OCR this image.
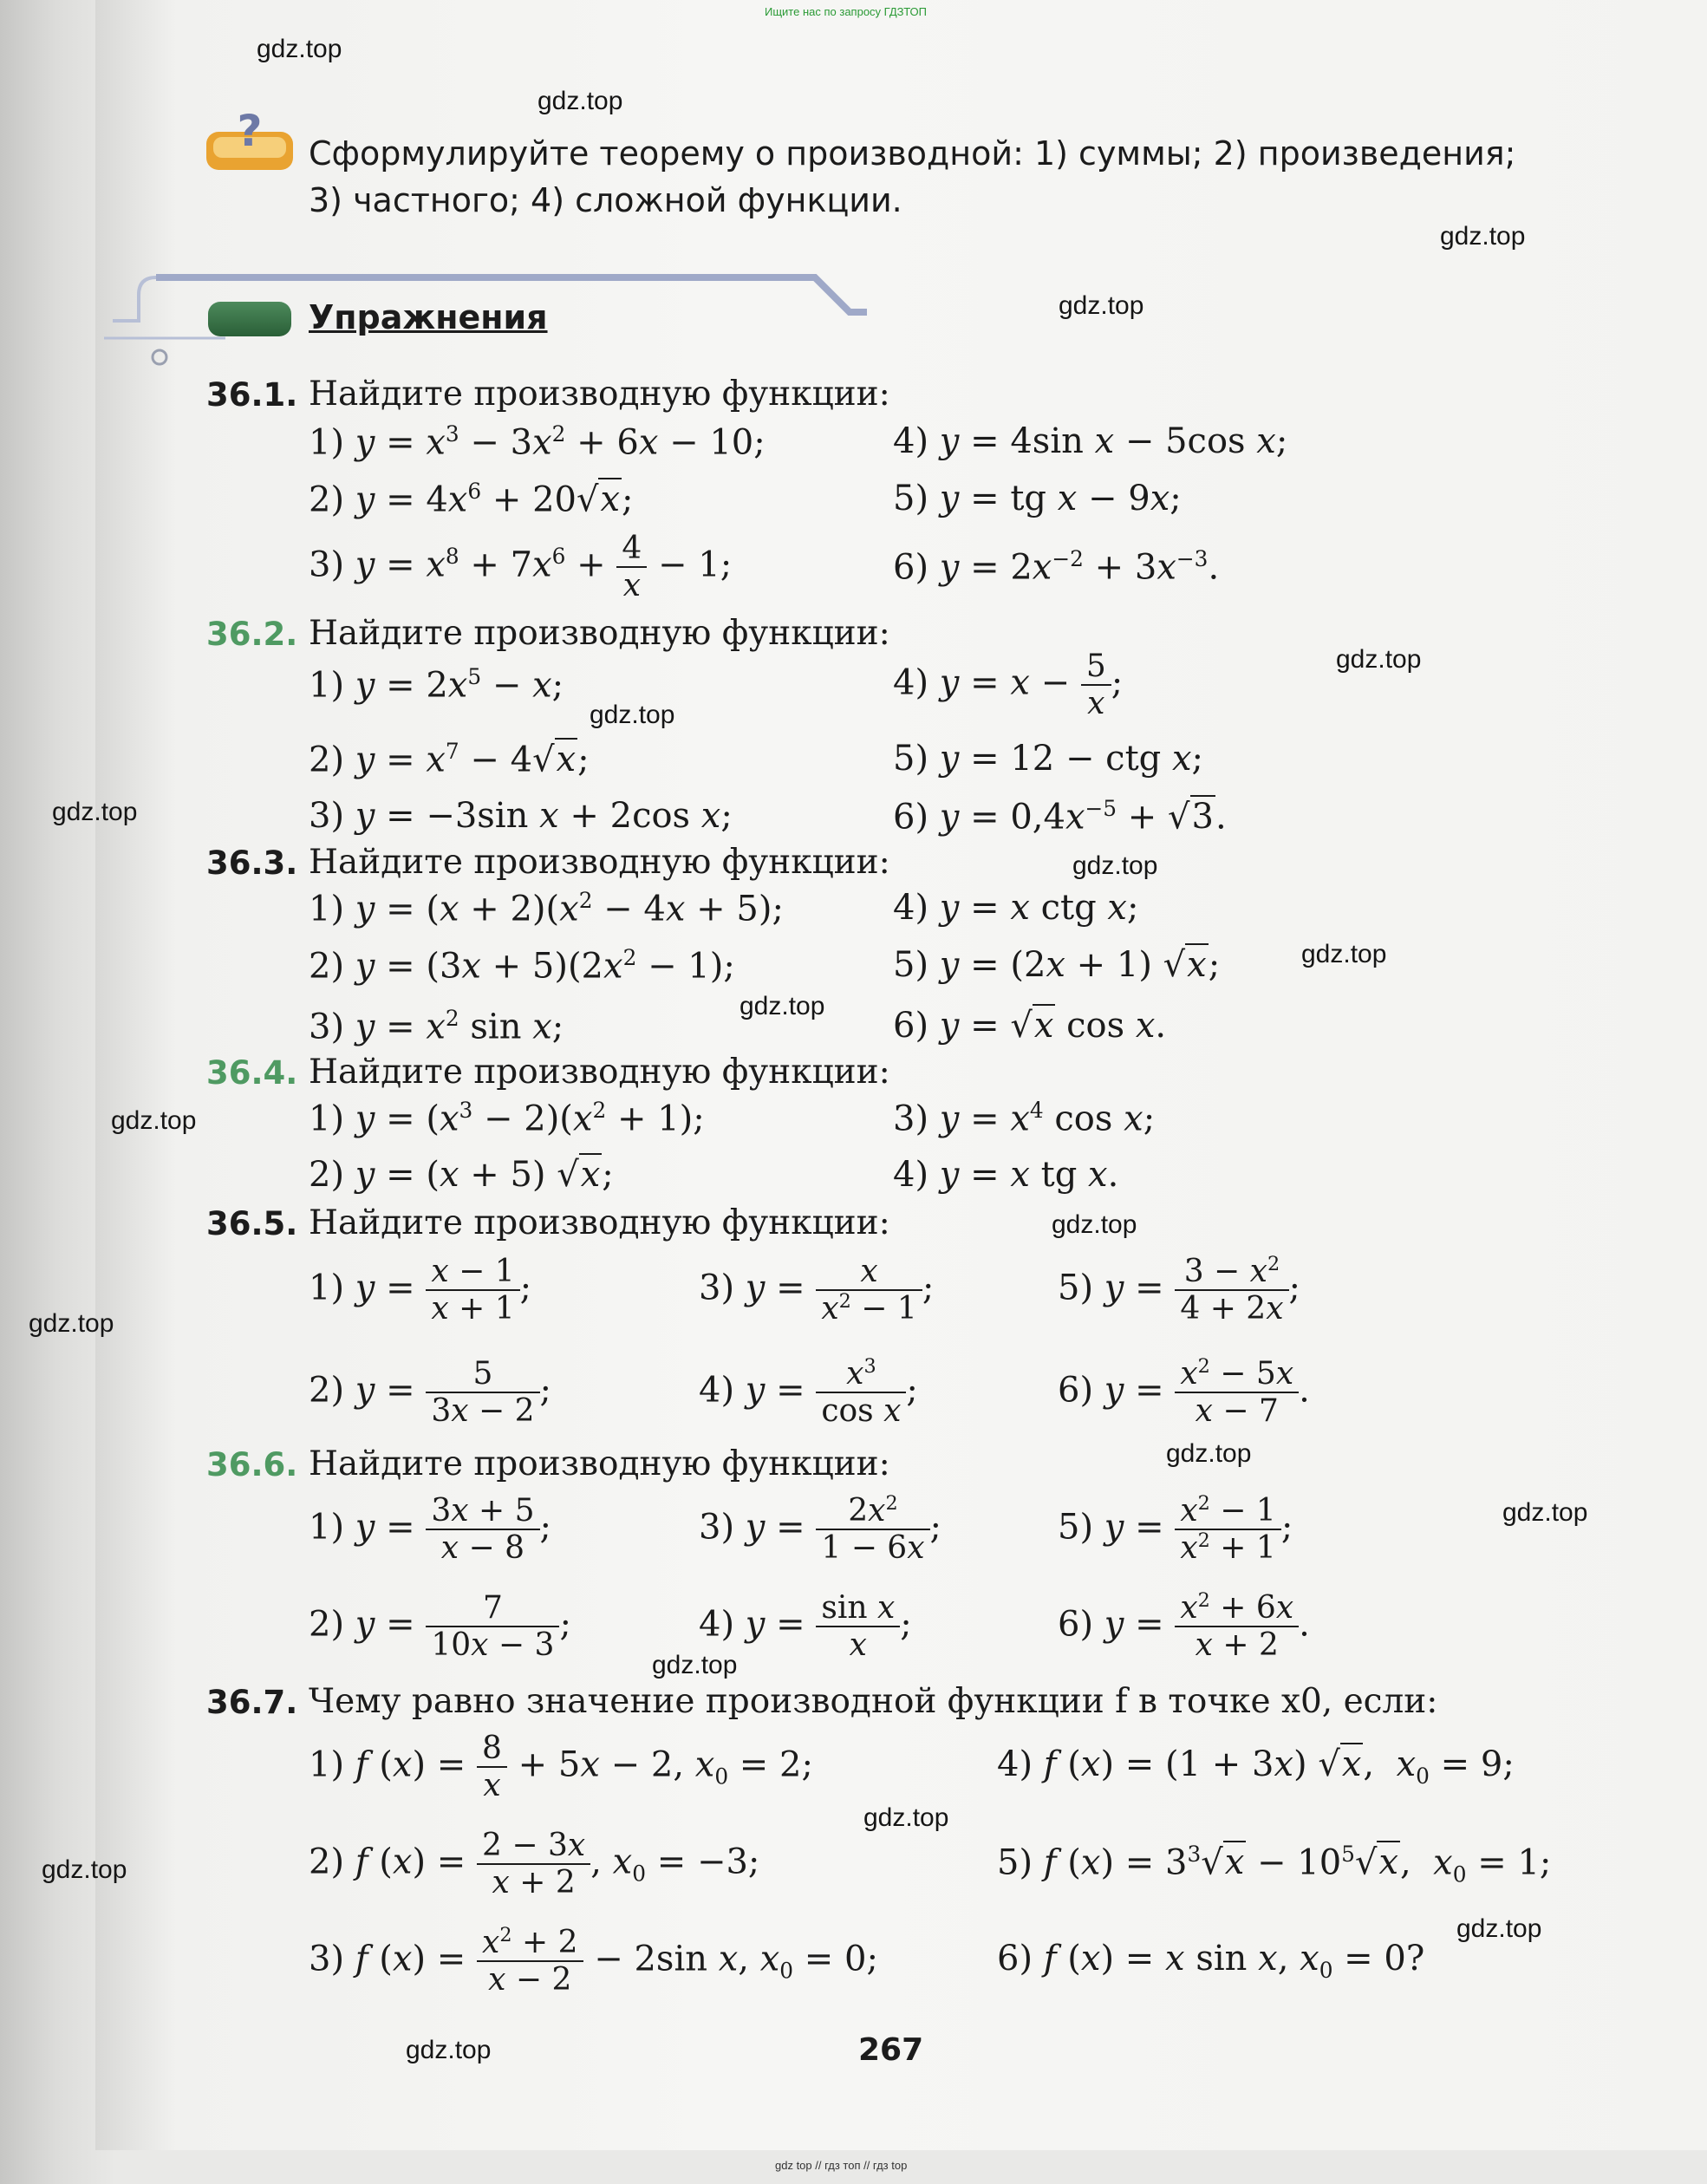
Ищите нас по запросу ГДЗТОП
gdz.top
gdz.top
gdz.top
gdz.top
gdz.top
gdz.top
gdz.top
gdz.top
gdz.top
gdz.top
gdz.top
gdz.top
gdz.top
gdz.top
gdz.top
gdz.top
gdz.top
gdz.top
gdz.top
gdz.top
? Сформулируйте теорему о производной: 1) суммы; 2) произведения;
3) частного; 4) сложной функции.
Упражнения
36.1. Найдите производную функции:
1) $y = x^3 - 3x^2 + 6x - 10$;	4) y = 4sin x − 5cos x;
2) $y = 4x^6 + 20√x$;	5) y = tg x − 9x;
3) $y = x^8 + 7x^6 + \frac{4}{x} - 1$;	6) $y = 2x^{-2} + 3x^{-3}$.
36.2. Найдите производную функции:
1) $y = 2x^5 - x$;	4) $y = x - \frac{5}{x}$ ;
2) $y = x^7 - 4√x$;	5) y = 12 − ctg x;
3) y = −3sin x + 2cos x;	6) $y = 0,4x^{-5} + √3$.
36.3. Найдите производную функции:
1) $y = (x + 2)(x^2 - 4x + 5)$;	4) y = x ctg x;
2) $y = (3x + 5)(2x^2 - 1)$;	5) y = (2x + 1) √x;
3) $y = x^2$ sin x;	6) y = √x cos x.
36.4. Найдите производную функции:
1) $y = (x^3 - 2)(x^2 + 1)$;	3) $y = x^4$ cos x;
2) y = (x + 5) √x;	4) y = x tg x.
36.5. Найдите производную функции:
1) $y = \frac{x - 1}{x + 1}$ ;	3) $y = \frac{x}{x^2 - 1}$ ;	5) $y = \frac{3 - x^2}{4 + 2x}$ ;
2) $y = \frac{5}{3x - 2}$ ;	4) $y = \frac{x^3}{\text{cos x}}$ ;	6) $y = \frac{x^2 - 5x}{x - 7}$ .
36.6. Найдите производную функции:
1) $y = \frac{3x + 5}{x - 8}$ ;	3) $y = \frac{2x^2}{1 - 6x}$ ;	5) $y = \frac{x^2 - 1}{x^2 + 1}$ ;
2) $y = \frac{7}{10x - 3}$ ;	4) $y = \frac{\text{sin x}}{x}$ ;	6) $y = \frac{x^2 + 6x}{x + 2}$ .
36.7. Чему равно значение производной функции f в точке x0, если:
1) f $(x) = \frac{8}{x} + 5x - 2$, $x_0 = 2$;	4) f (x) = (1 + 3x) √x,  $x_0 = 9$;
2) f $(x) = \frac{2 - 3x}{x + 2}$ , $x_0 = -3$;	5) f $(x) = 3^3√x - 10^5√x$,  $x_0 = 1$;
3) f $(x) = \frac{x^2 + 2}{x - 2} - 2\sin$ x, $x_0 = 0$;	6) f (x) = x sin x, $x_0 = 0$?
267
gdz top // гдз топ // гдз top
